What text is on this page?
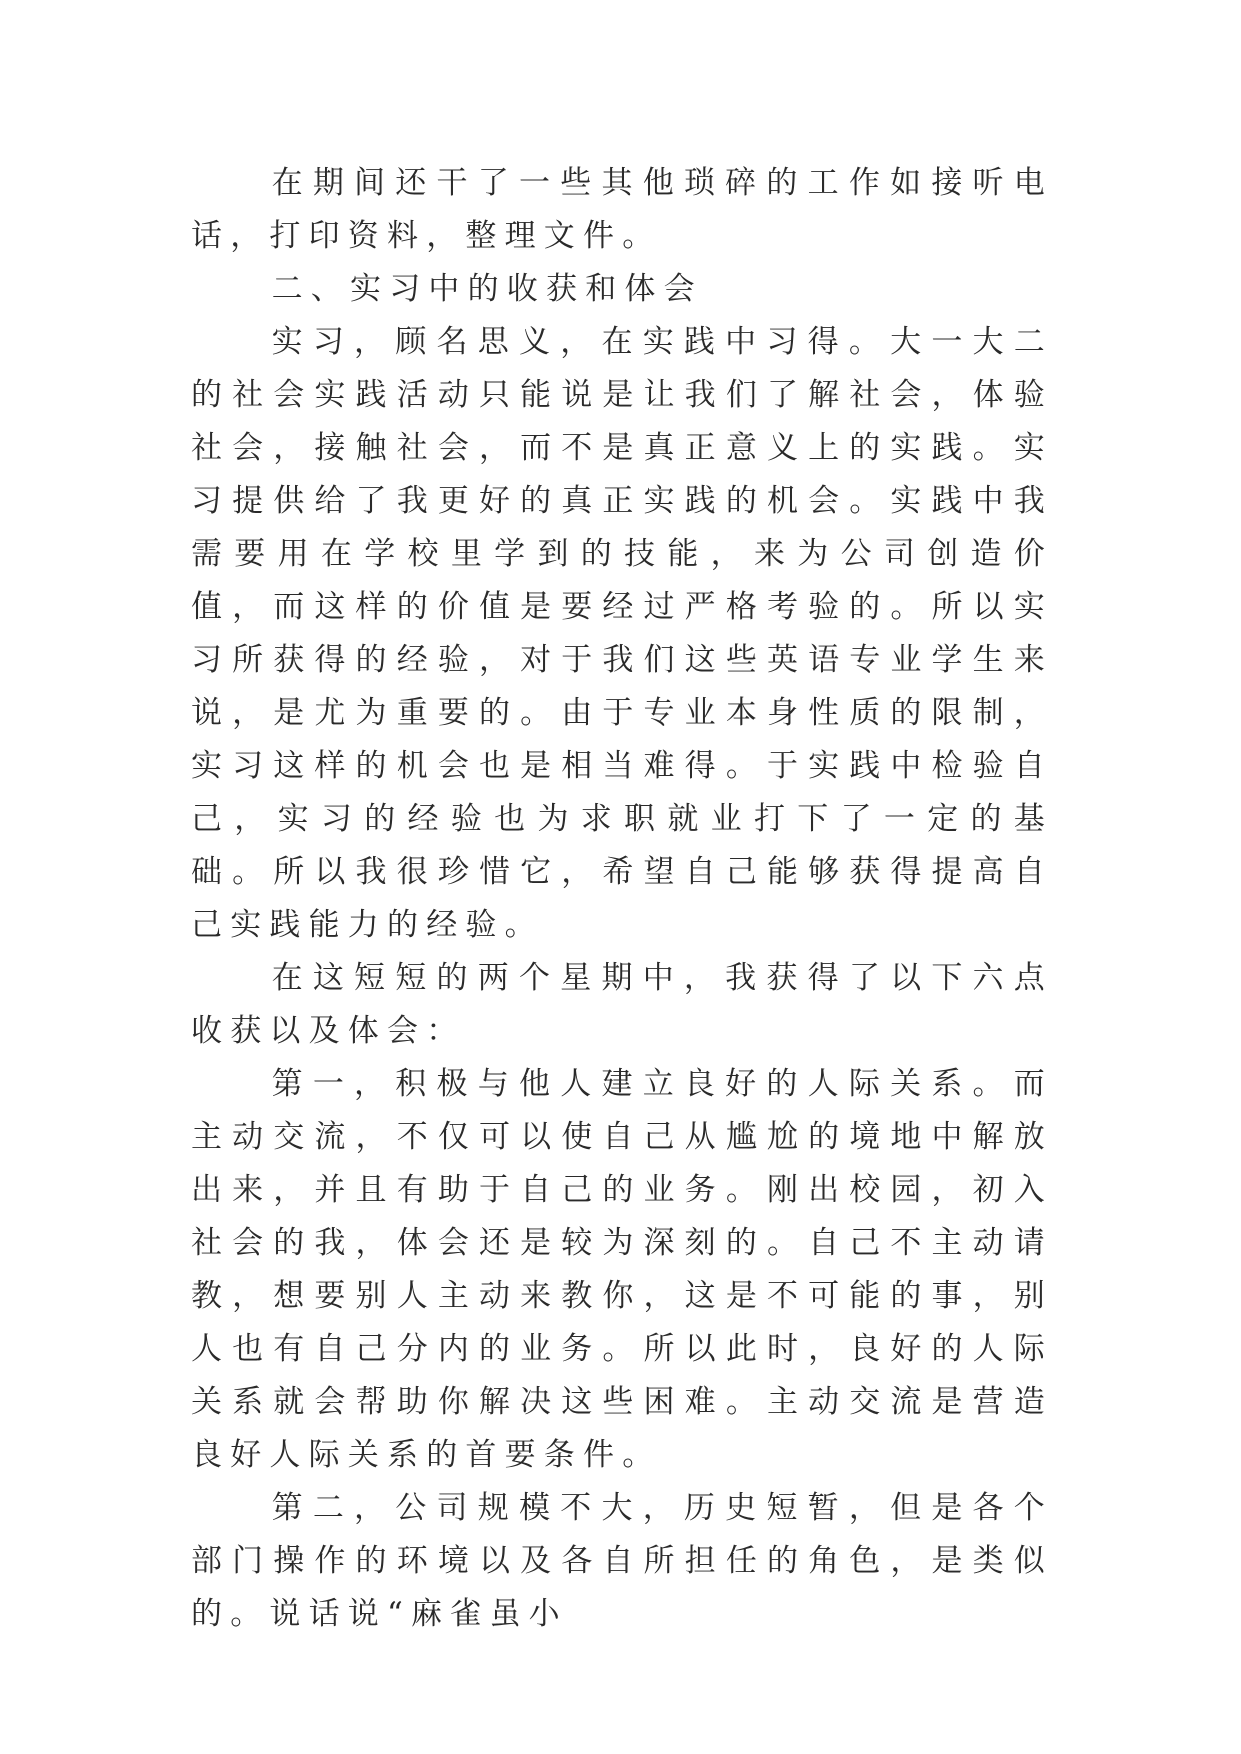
在期间还干了一些其他琐碎的工作如接听电话，打印资料，整理文件。

二、实习中的收获和体会

实习，顾名思义，在实践中习得。大一大二的社会实践活动只能说是让我们了解社会，体验社会，接触社会，而不是真正意义上的实践。实习提供给了我更好的真正实践的机会。实践中我需要用在学校里学到的技能，来为公司创造价值，而这样的价值是要经过严格考验的。所以实习所获得的经验，对于我们这些英语专业学生来说，是尤为重要的。由于专业本身性质的限制，实习这样的机会也是相当难得。于实践中检验自己，实习的经验也为求职就业打下了一定的基础。所以我很珍惜它，希望自己能够获得提高自己实践能力的经验。

在这短短的两个星期中，我获得了以下六点收获以及体会：

第一，积极与他人建立良好的人际关系。而主动交流，不仅可以使自己从尴尬的境地中解放出来，并且有助于自己的业务。刚出校园，初入社会的我，体会还是较为深刻的。自己不主动请教，想要别人主动来教你，这是不可能的事，别人也有自己分内的业务。所以此时，良好的人际关系就会帮助你解决这些困难。主动交流是营造良好人际关系的首要条件。

第二，公司规模不大，历史短暂，但是各个部门操作的环境以及各自所担任的角色，是类似的。说话说“麻雀虽小
